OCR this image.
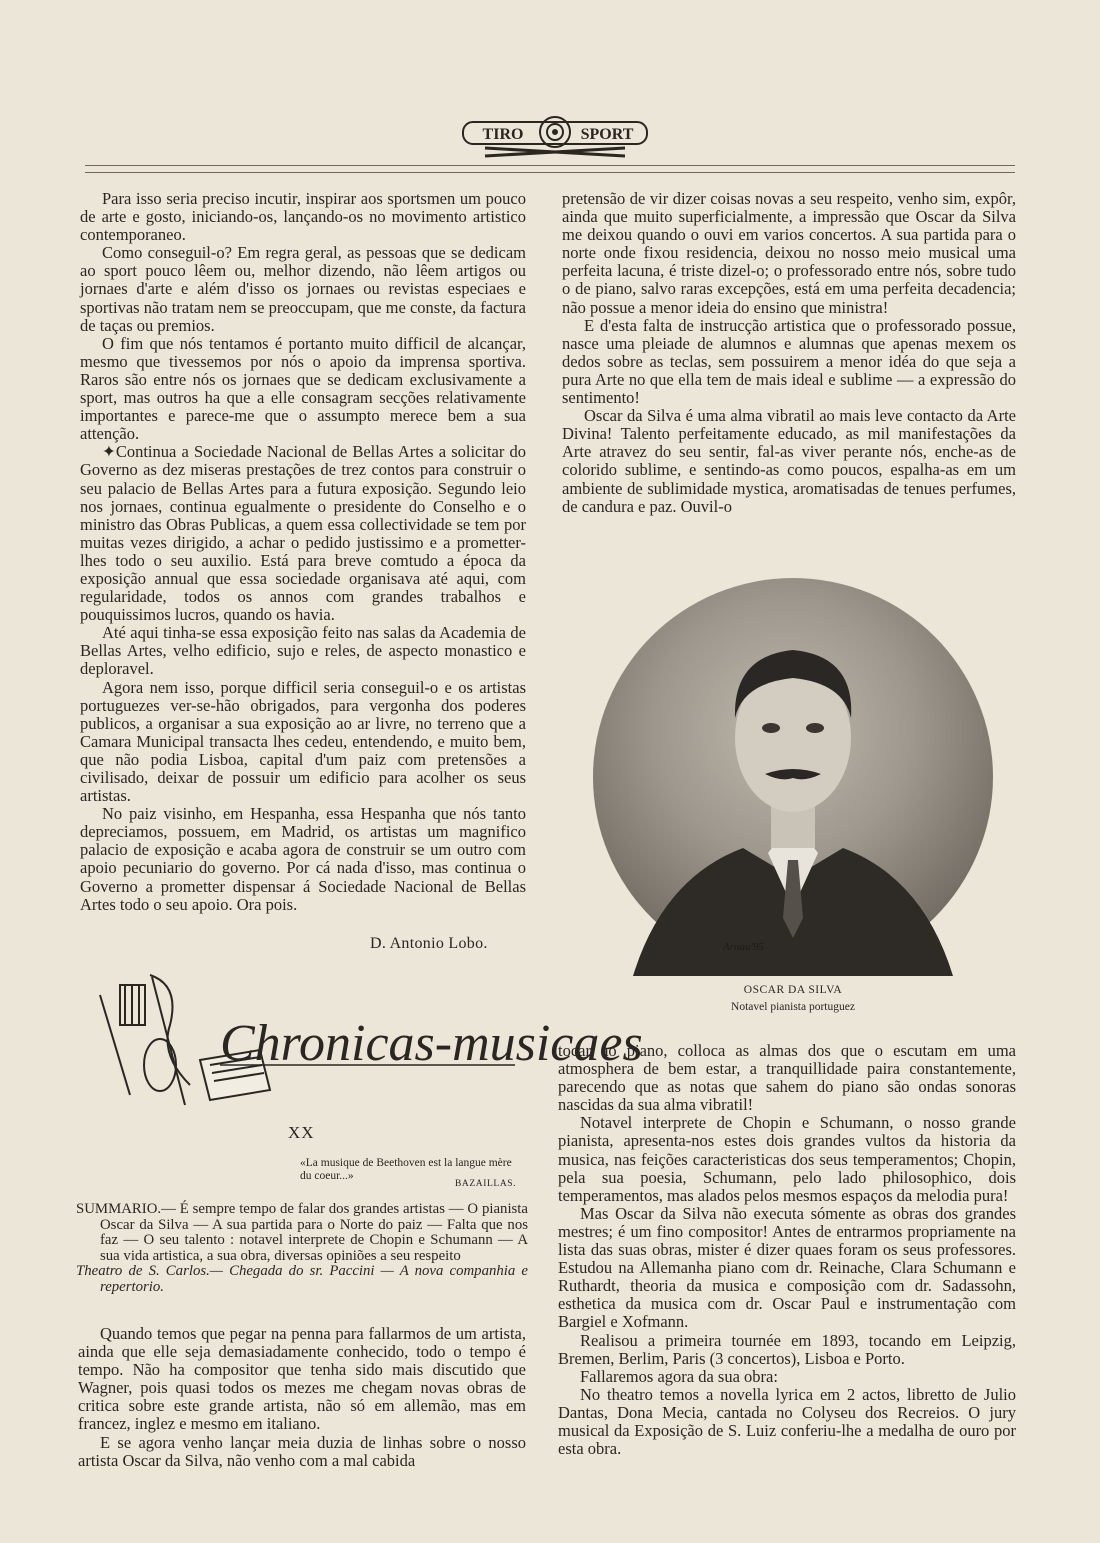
TIRO	SPORT

Para isso seria preciso incutir, inspirar aos sportsmen um pouco de arte e gosto, iniciando-os, lançando-os no movimento artistico contemporaneo.

Como conseguil-o? Em regra geral, as pessoas que se dedicam ao sport pouco lêem ou, melhor dizendo, não lêem artigos ou jornaes d'arte e além d'isso os jornaes ou revistas especiaes e sportivas não tratam nem se preoccupam, que me conste, da factura de taças ou premios.

O fim que nós tentamos é portanto muito difficil de alcançar, mesmo que tivessemos por nós o apoio da imprensa sportiva. Raros são entre nós os jornaes que se dedicam exclusivamente a sport, mas outros ha que a elle consagram secções relativamente importantes e parece-me que o assumpto merece bem a sua attenção.

✦Continua a Sociedade Nacional de Bellas Artes a solicitar do Governo as dez miseras prestações de trez contos para construir o seu palacio de Bellas Artes para a futura exposição. Segundo leio nos jornaes, continua egualmente o presidente do Conselho e o ministro das Obras Publicas, a quem essa collectividade se tem por muitas vezes dirigido, a achar o pedido justissimo e a prometter-lhes todo o seu auxilio. Está para breve comtudo a época da exposição annual que essa sociedade organisava até aqui, com regularidade, todos os annos com grandes trabalhos e pouquissimos lucros, quando os havia.

Até aqui tinha-se essa exposição feito nas salas da Academia de Bellas Artes, velho edificio, sujo e reles, de aspecto monastico e deploravel.

Agora nem isso, porque difficil seria conseguil-o e os artistas portuguezes ver-se-hão obrigados, para vergonha dos poderes publicos, a organisar a sua exposição ao ar livre, no terreno que a Camara Municipal transacta lhes cedeu, entendendo, e muito bem, que não podia Lisboa, capital d'um paiz com pretensões a civilisado, deixar de possuir um edificio para acolher os seus artistas.

No paiz visinho, em Hespanha, essa Hespanha que nós tanto depreciamos, possuem, em Madrid, os artistas um magnifico palacio de exposição e acaba agora de construir se um outro com apoio pecuniario do governo. Por cá nada d'isso, mas continua o Governo a prometter dispensar á Sociedade Nacional de Bellas Artes todo o seu apoio. Ora pois.

D. Antonio Lobo.

pretensão de vir dizer coisas novas a seu respeito, venho sim, expôr, ainda que muito superficialmente, a impressão que Oscar da Silva me deixou quando o ouvi em varios concertos. A sua partida para o norte onde fixou residencia, deixou no nosso meio musical uma perfeita lacuna, é triste dizel-o; o professorado entre nós, sobre tudo o de piano, salvo raras excepções, está em uma perfeita decadencia; não possue a menor ideia do ensino que ministra!

E d'esta falta de instrucção artistica que o professorado possue, nasce uma pleiade de alumnos e alumnas que apenas mexem os dedos sobre as teclas, sem possuirem a menor idéa do que seja a pura Arte no que ella tem de mais ideal e sublime — a expressão do sentimento!

Oscar da Silva é uma alma vibratil ao mais leve contacto da Arte Divina! Talento perfeitamente educado, as mil manifestações da Arte atravez do seu sentir, fal-as viver perante nós, enche-as de colorido sublime, e sentindo-as como poucos, espalha-as em um ambiente de sublimidade mystica, aromatisadas de tenues perfumes, de candura e paz. Ouvil-o

Arnau'95
OSCAR DA SILVA
Notavel pianista portuguez
Chronicas-musicaes
XX
«La musique de Beethoven est la langue mère du coeur...»
BAZAILLAS.

SUMMARIO.— É sempre tempo de falar dos grandes artistas — O pianista Oscar da Silva — A sua partida para o Norte do paiz — Falta que nos faz — O seu talento : notavel interprete de Chopin e Schumann — A sua vida artistica, a sua obra, diversas opiniões a seu respeito

Theatro de S. Carlos.— Chegada do sr. Paccini — A nova companhia e repertorio.

Quando temos que pegar na penna para fallarmos de um artista, ainda que elle seja demasiadamente conhecido, todo o tempo é tempo. Não ha compositor que tenha sido mais discutido que Wagner, pois quasi todos os mezes me chegam novas obras de critica sobre este grande artista, não só em allemão, mas em francez, inglez e mesmo em italiano.

E se agora venho lançar meia duzia de linhas sobre o nosso artista Oscar da Silva, não venho com a mal cabida

tocar ao piano, colloca as almas dos que o escutam em uma atmosphera de bem estar, a tranquillidade paira constantemente, parecendo que as notas que sahem do piano são ondas sonoras nascidas da sua alma vibratil!

Notavel interprete de Chopin e Schumann, o nosso grande pianista, apresenta-nos estes dois grandes vultos da historia da musica, nas feições caracteristicas dos seus temperamentos; Chopin, pela sua poesia, Schumann, pelo lado philosophico, dois temperamentos, mas alados pelos mesmos espaços da melodia pura!

Mas Oscar da Silva não executa sómente as obras dos grandes mestres; é um fino compositor! Antes de entrarmos propriamente na lista das suas obras, mister é dizer quaes foram os seus professores. Estudou na Allemanha piano com dr. Reinache, Clara Schumann e Ruthardt, theoria da musica e composição com dr. Sadassohn, esthetica da musica com dr. Oscar Paul e instrumentação com Bargiel e Xofmann.

Realisou a primeira tournée em 1893, tocando em Leipzig, Bremen, Berlim, Paris (3 concertos), Lisboa e Porto.

Fallaremos agora da sua obra:

No theatro temos a novella lyrica em 2 actos, libretto de Julio Dantas, Dona Mecia, cantada no Colyseu dos Recreios. O jury musical da Exposição de S. Luiz conferiu-lhe a medalha de ouro por esta obra.
